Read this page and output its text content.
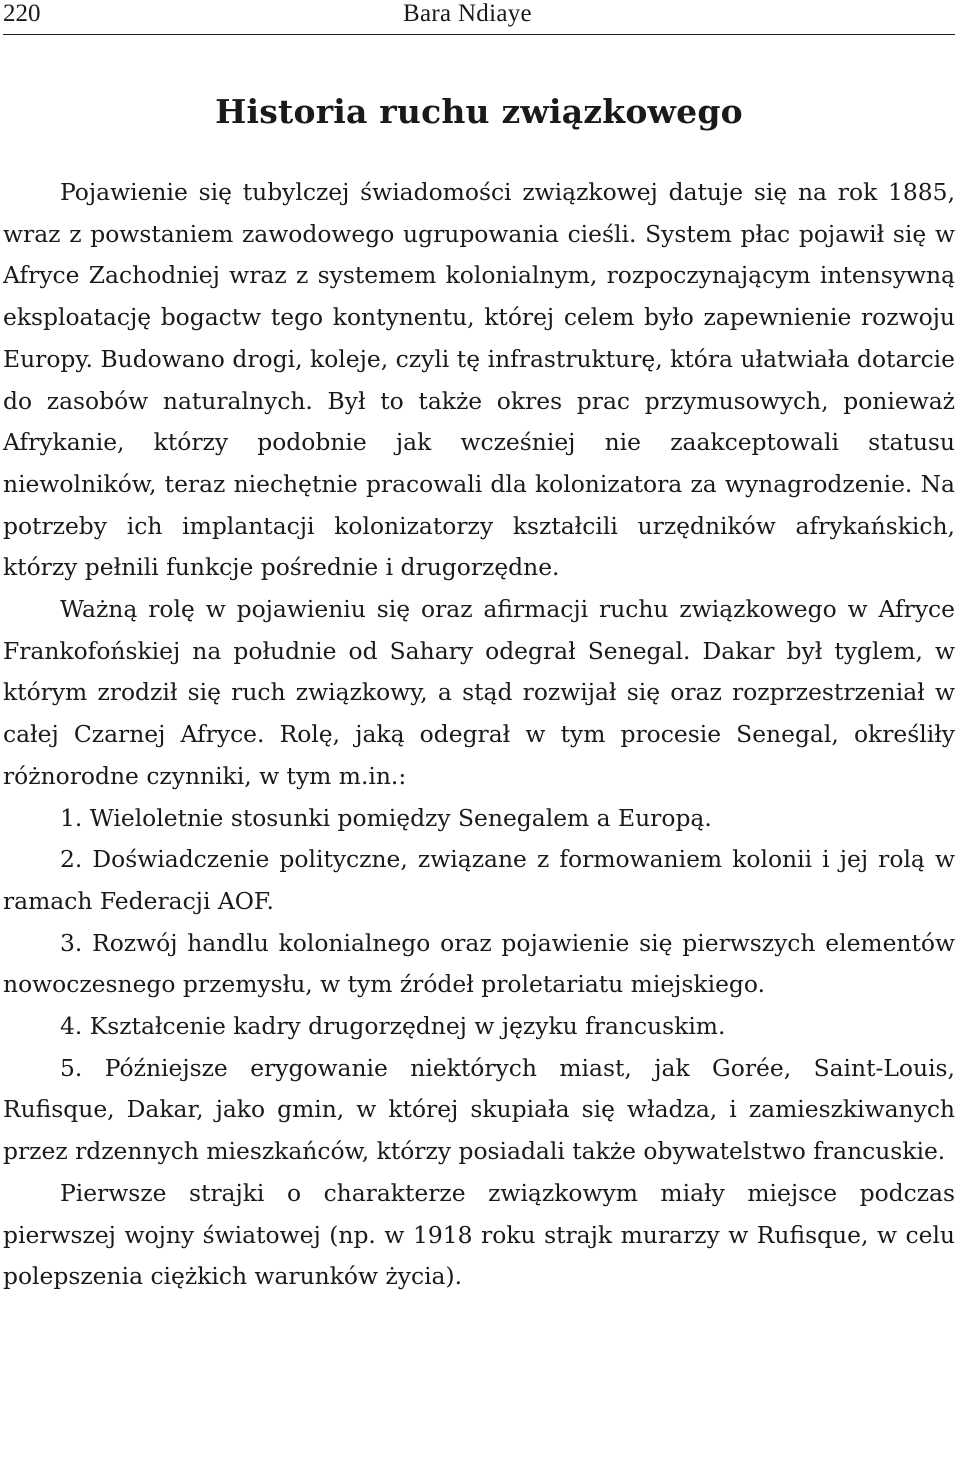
220	Bara Ndiaye
Historia ruchu związkowego

Pojawienie się tubylczej świadomości związkowej datuje się na rok 1885, wraz z powstaniem zawodowego ugrupowania cieśli. System płac pojawił się w Afryce Zachodniej wraz z systemem kolonialnym, rozpoczynającym intensywną eksploatację bogactw tego kontynentu, której celem było zapewnienie rozwoju Europy. Budowano drogi, koleje, czyli tę infrastrukturę, która ułatwiała dotarcie do zasobów naturalnych. Był to także okres prac przymusowych, ponieważ Afrykanie, którzy podobnie jak wcześniej nie zaakceptowali statusu niewolników, teraz niechętnie pracowali dla kolonizatora za wynagrodzenie. Na potrzeby ich implantacji kolonizatorzy kształcili urzędników afrykańskich, którzy pełnili funkcje pośrednie i drugorzędne.

Ważną rolę w pojawieniu się oraz afirmacji ruchu związkowego w Afryce Frankofońskiej na południe od Sahary odegrał Senegal. Dakar był tyglem, w którym zrodził się ruch związkowy, a stąd rozwijał się oraz rozprzestrzeniał w całej Czarnej Afryce. Rolę, jaką odegrał w tym procesie Senegal, określiły różnorodne czynniki, w tym m.in.:

1. Wieloletnie stosunki pomiędzy Senegalem a Europą.

2. Doświadczenie polityczne, związane z formowaniem kolonii i jej rolą w ramach Federacji AOF.

3. Rozwój handlu kolonialnego oraz pojawienie się pierwszych elementów nowoczesnego przemysłu, w tym źródeł proletariatu miejskiego.

4. Kształcenie kadry drugorzędnej w języku francuskim.

5. Późniejsze erygowanie niektórych miast, jak Gorée, Saint-Louis, Rufisque, Dakar, jako gmin, w której skupiała się władza, i zamieszkiwanych przez rdzennych mieszkańców, którzy posiadali także obywatelstwo francuskie.

Pierwsze strajki o charakterze związkowym miały miejsce podczas pierwszej wojny światowej (np. w 1918 roku strajk murarzy w Rufisque, w celu polepszenia ciężkich warunków życia).
